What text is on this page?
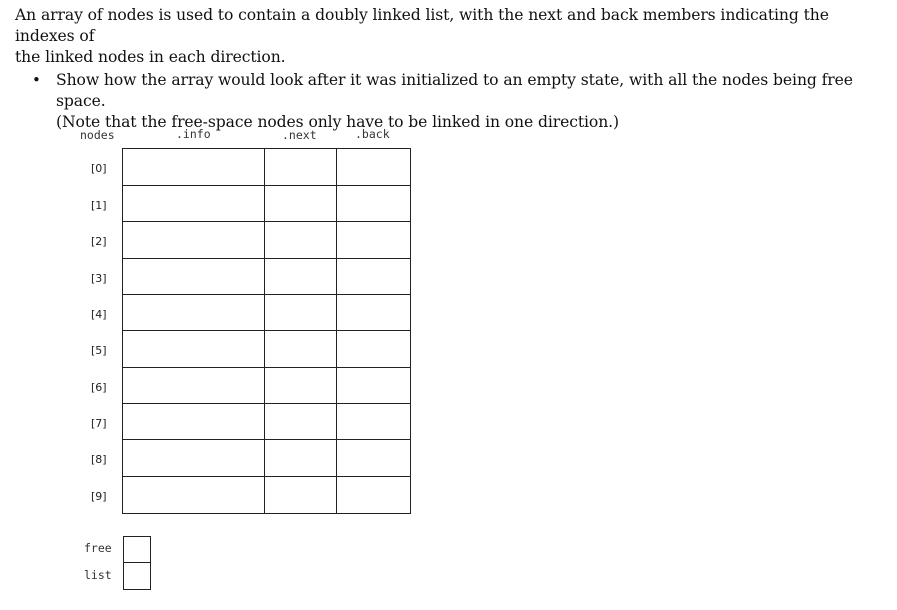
An array of nodes is used to contain a doubly linked list, with the next and back members indicating the indexes of
the linked nodes in each direction.
• Show how the array would look after it was initialized to an empty state, with all the nodes being free space.
(Note that the free-space nodes only have to be linked in one direction.)
nodes	.info	.next	.back
[0]
[1]
[2]
[3]
[4]
[5]
[6]
[7]
[8]
[9]
free
list
